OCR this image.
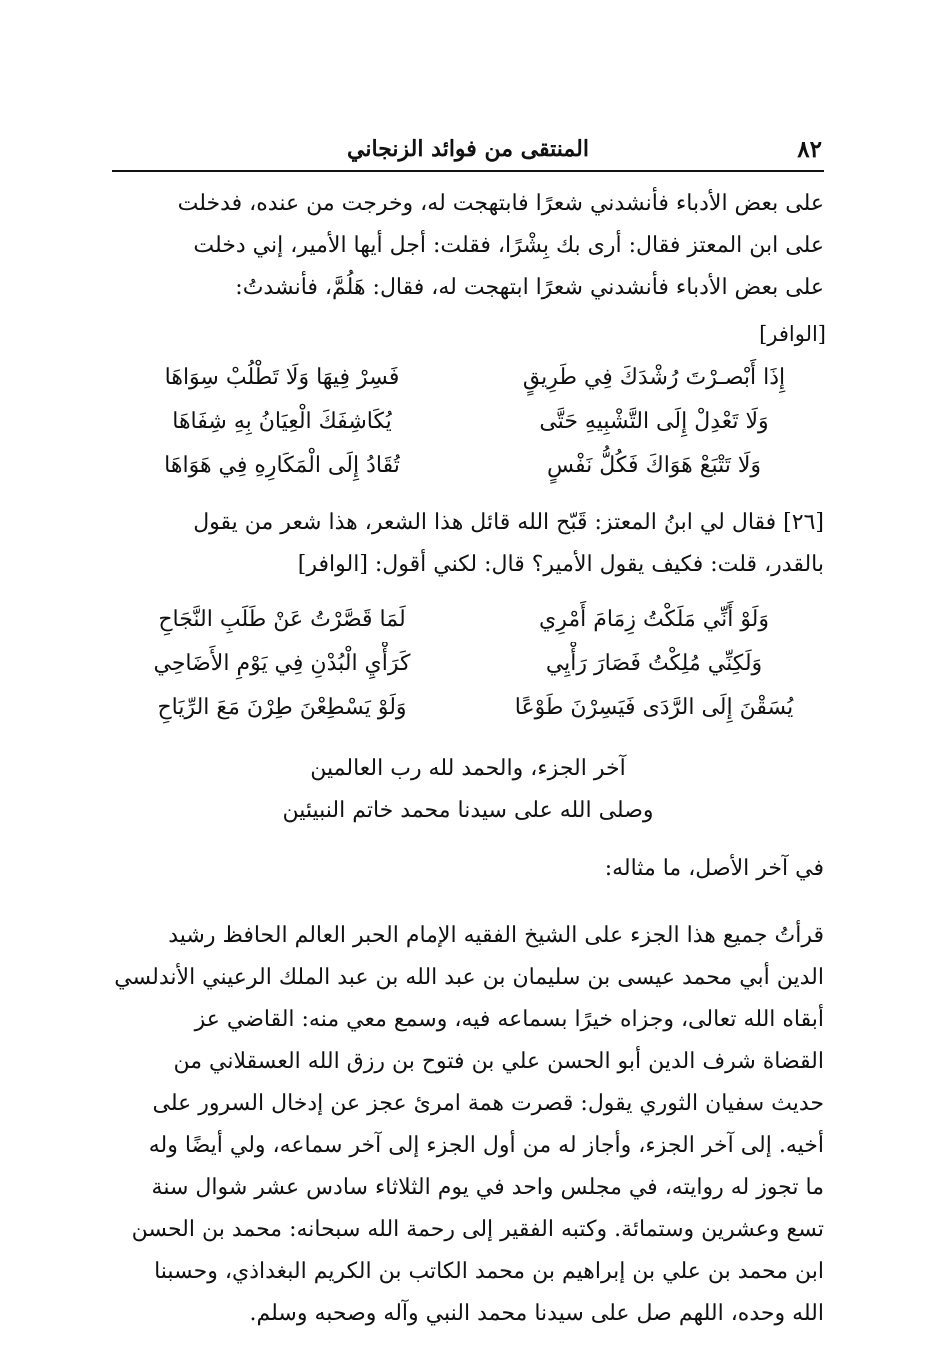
٨٢
المنتقى من فوائد الزنجاني
على بعض الأدباء فأنشدني شعرًا فابتهجت له، وخرجت من عنده، فدخلت
على ابن المعتز فقال: أرى بك بِشْرًا، فقلت: أجل أيها الأمير، إني دخلت
على بعض الأدباء فأنشدني شعرًا ابتهجت له، فقال: هَلُمَّ، فأنشدتُ:
[الوافر]
إِذَا أَبْصـرْتَ رُشْدَكَ فِي طَرِيقٍ
فَسِرْ فِيهَا وَلَا تَطْلُبْ سِوَاهَا
وَلَا تَعْدِلْ إِلَى التَّشْبِيهِ حَتَّى
يُكَاشِفَكَ الْعِيَانُ بِهِ شِفَاهَا
وَلَا تَتْبَعْ هَوَاكَ فَكُلُّ نَفْسٍ
تُقَادُ إِلَى الْمَكَارِهِ فِي هَوَاهَا
[٢٦] فقال لي ابنُ المعتز: قَبّح الله قائل هذا الشعر، هذا شعر من يقول
بالقدر، قلت: فكيف يقول الأمير؟ قال: لكني أقول: [الوافر]
وَلَوْ أَنِّي مَلَكْتُ زِمَامَ أَمْرِي
لَمَا قَصَّرْتُ عَنْ طَلَبِ النَّجَاحِ
وَلَكِنِّي مُلِكْتُ فَصَارَ رَأْيِي
كَرَأْيِ الْبُدْنِ فِي يَوْمِ الأَضَاحِي
يُسَقْنَ إِلَى الرَّدَى فَيَسِرْنَ طَوْعًا
وَلَوْ يَسْطِعْنَ طِرْنَ مَعَ الرِّيَاحِ
آخر الجزء، والحمد لله رب العالمين
وصلى الله على سيدنا محمد خاتم النبيئين
في آخر الأصل، ما مثاله:
قرأتُ جميع هذا الجزء على الشيخ الفقيه الإمام الحبر العالم الحافظ رشيد
الدين أبي محمد عيسى بن سليمان بن عبد الله بن عبد الملك الرعيني الأندلسي
أبقاه الله تعالى، وجزاه خيرًا بسماعه فيه، وسمع معي منه: القاضي عز
القضاة شرف الدين أبو الحسن علي بن فتوح بن رزق الله العسقلاني من
حديث سفيان الثوري يقول: قصرت همة امرئ عجز عن إدخال السرور على
أخيه. إلى آخر الجزء، وأجاز له من أول الجزء إلى آخر سماعه، ولي أيضًا وله
ما تجوز له روايته، في مجلس واحد في يوم الثلاثاء سادس عشر شوال سنة
تسع وعشرين وستمائة. وكتبه الفقير إلى رحمة الله سبحانه: محمد بن الحسن
ابن محمد بن علي بن إبراهيم بن محمد الكاتب بن الكريم البغداذي، وحسبنا
الله وحده، اللهم صل على سيدنا محمد النبي وآله وصحبه وسلم.
